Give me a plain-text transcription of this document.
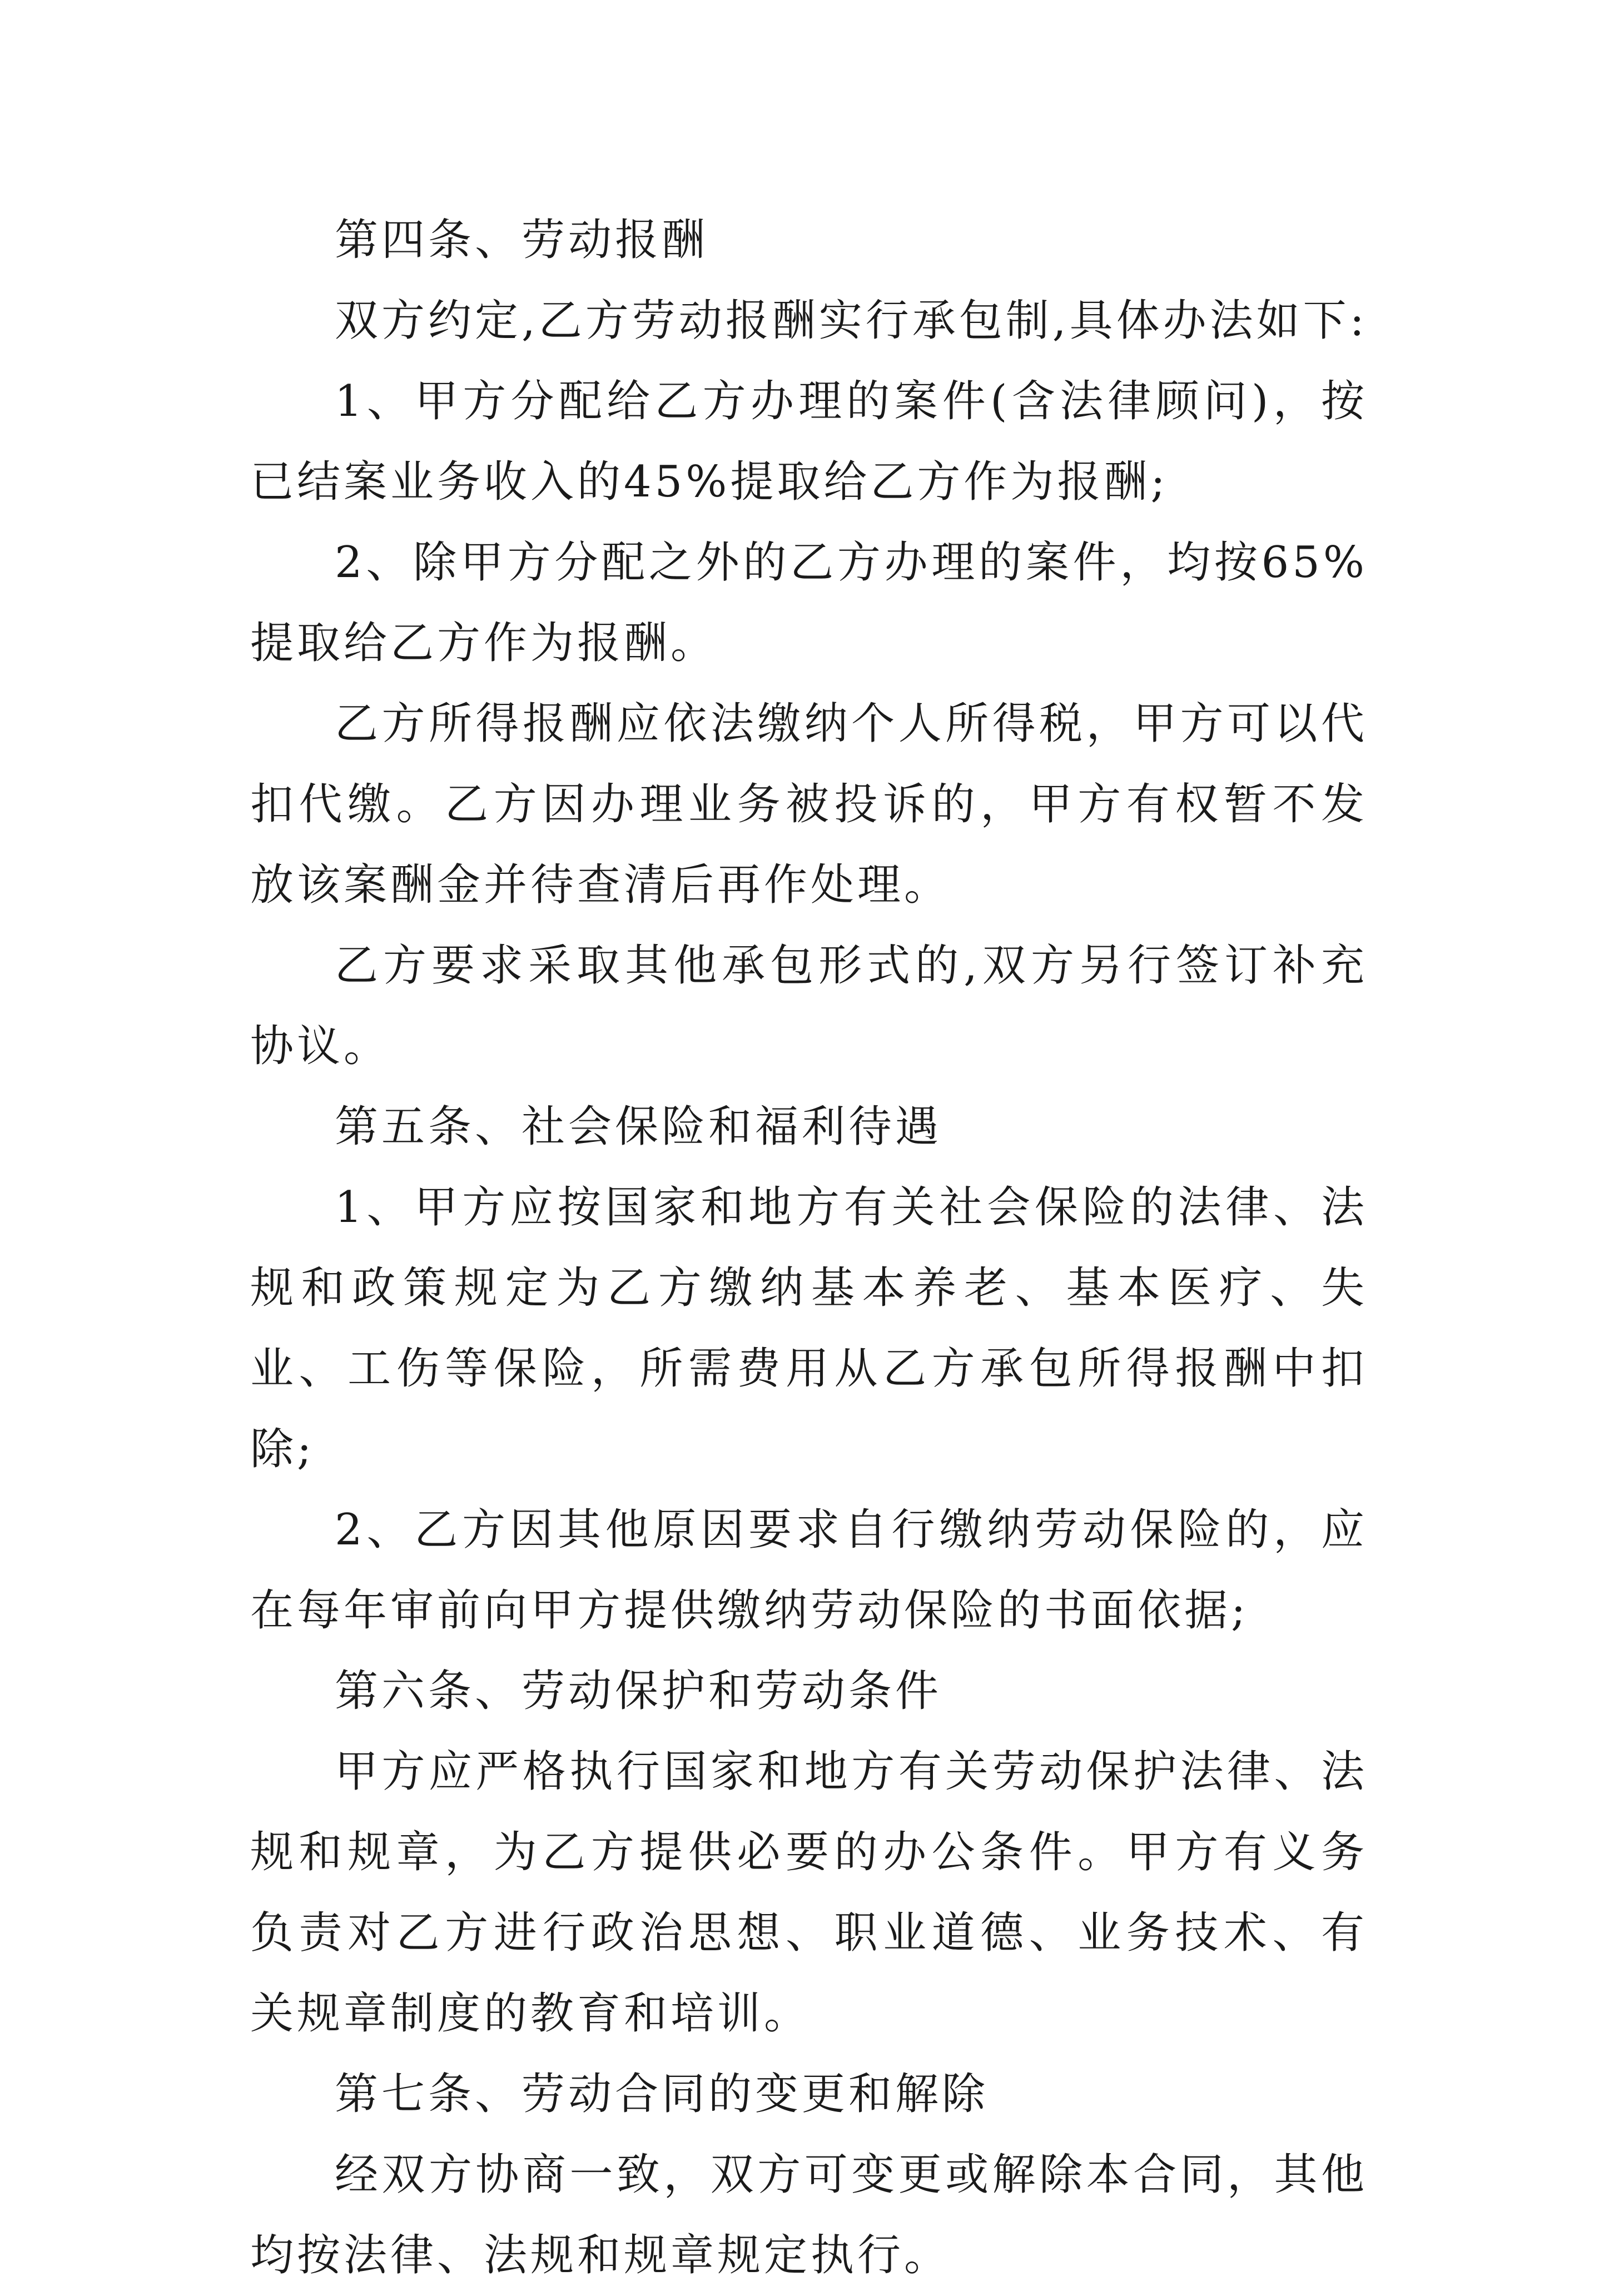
第四条、劳动报酬

双方约定,乙方劳动报酬实行承包制,具体办法如下:

1、甲方分配给乙方办理的案件(含法律顾问)，按已结案业务收入的45%提取给乙方作为报酬;

2、除甲方分配之外的乙方办理的案件，均按65%提取给乙方作为报酬。

乙方所得报酬应依法缴纳个人所得税，甲方可以代扣代缴。乙方因办理业务被投诉的，甲方有权暂不发放该案酬金并待查清后再作处理。

乙方要求采取其他承包形式的,双方另行签订补充协议。

第五条、社会保险和福利待遇

1、甲方应按国家和地方有关社会保险的法律、法规和政策规定为乙方缴纳基本养老、基本医疗、失业、工伤等保险，所需费用从乙方承包所得报酬中扣除;

2、乙方因其他原因要求自行缴纳劳动保险的，应在每年审前向甲方提供缴纳劳动保险的书面依据;

第六条、劳动保护和劳动条件

甲方应严格执行国家和地方有关劳动保护法律、法规和规章，为乙方提供必要的办公条件。甲方有义务负责对乙方进行政治思想、职业道德、业务技术、有关规章制度的教育和培训。

第七条、劳动合同的变更和解除

经双方协商一致，双方可变更或解除本合同，其他均按法律、法规和规章规定执行。
